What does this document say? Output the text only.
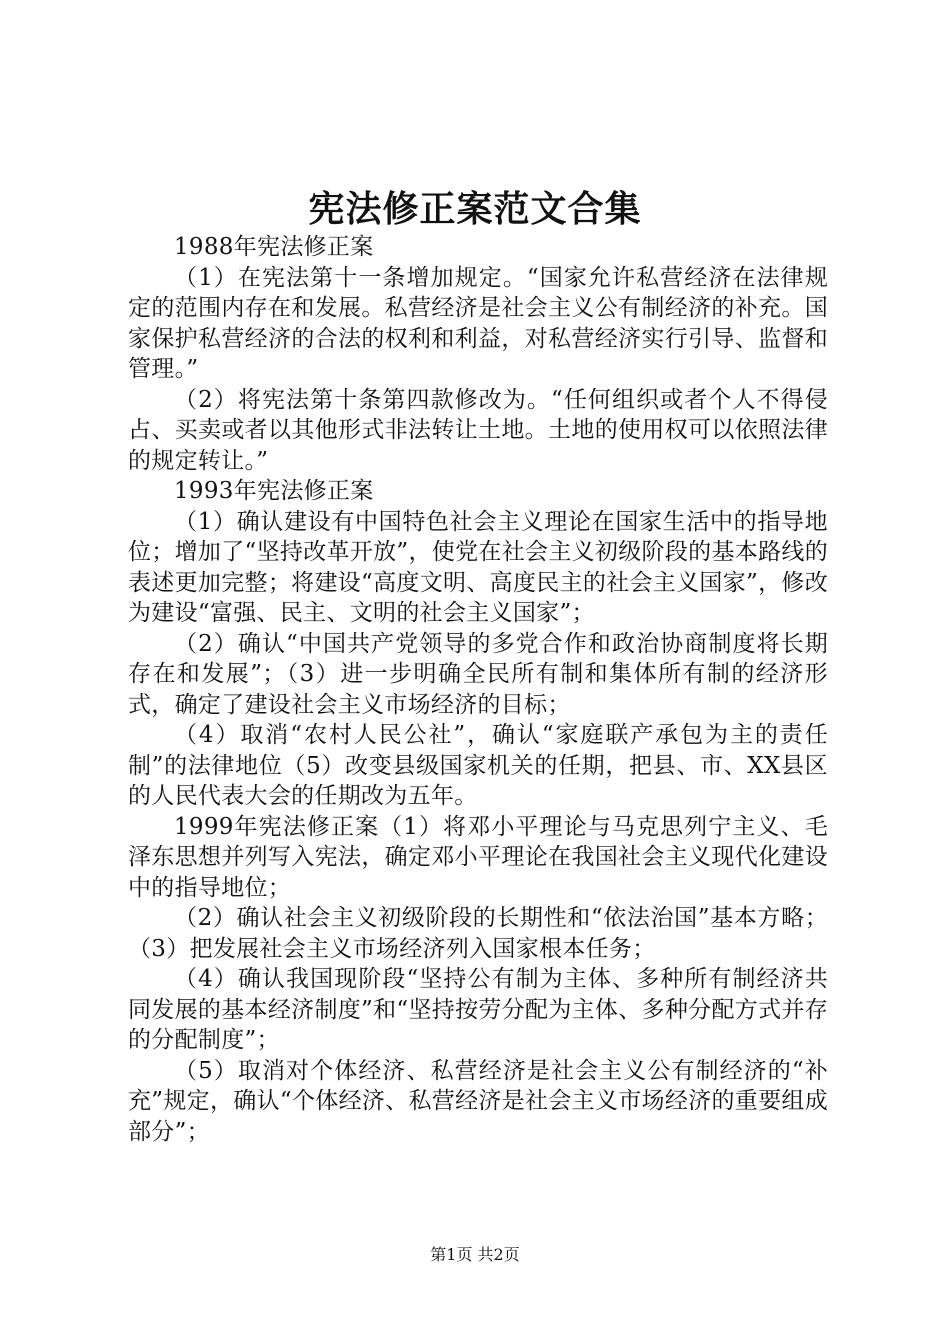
宪法修正案范文合集

1988年宪法修正案

（1）在宪法第十一条增加规定。“国家允许私营经济在法律规定的范围内存在和发展。私营经济是社会主义公有制经济的补充。国家保护私营经济的合法的权利和利益，对私营经济实行引导、监督和管理。”

（2）将宪法第十条第四款修改为。“任何组织或者个人不得侵占、买卖或者以其他形式非法转让土地。土地的使用权可以依照法律的规定转让。”

1993年宪法修正案

（1）确认建设有中国特色社会主义理论在国家生活中的指导地位；增加了“坚持改革开放”，使党在社会主义初级阶段的基本路线的表述更加完整；将建设“高度文明、高度民主的社会主义国家”，修改为建设“富强、民主、文明的社会主义国家”；

（2）确认“中国共产党领导的多党合作和政治协商制度将长期存在和发展”；（3）进一步明确全民所有制和集体所有制的经济形式，确定了建设社会主义市场经济的目标；

（4）取消“农村人民公社”，确认“家庭联产承包为主的责任制”的法律地位（5）改变县级国家机关的任期，把县、市、XX县区的人民代表大会的任期改为五年。

1999年宪法修正案（1）将邓小平理论与马克思列宁主义、毛泽东思想并列写入宪法，确定邓小平理论在我国社会主义现代化建设中的指导地位；

（2）确认社会主义初级阶段的长期性和“依法治国”基本方略；（3）把发展社会主义市场经济列入国家根本任务；

（4）确认我国现阶段“坚持公有制为主体、多种所有制经济共同发展的基本经济制度”和“坚持按劳分配为主体、多种分配方式并存的分配制度”；

（5）取消对个体经济、私营经济是社会主义公有制经济的“补充”规定，确认“个体经济、私营经济是社会主义市场经济的重要组成部分”；

第1页 共2页
